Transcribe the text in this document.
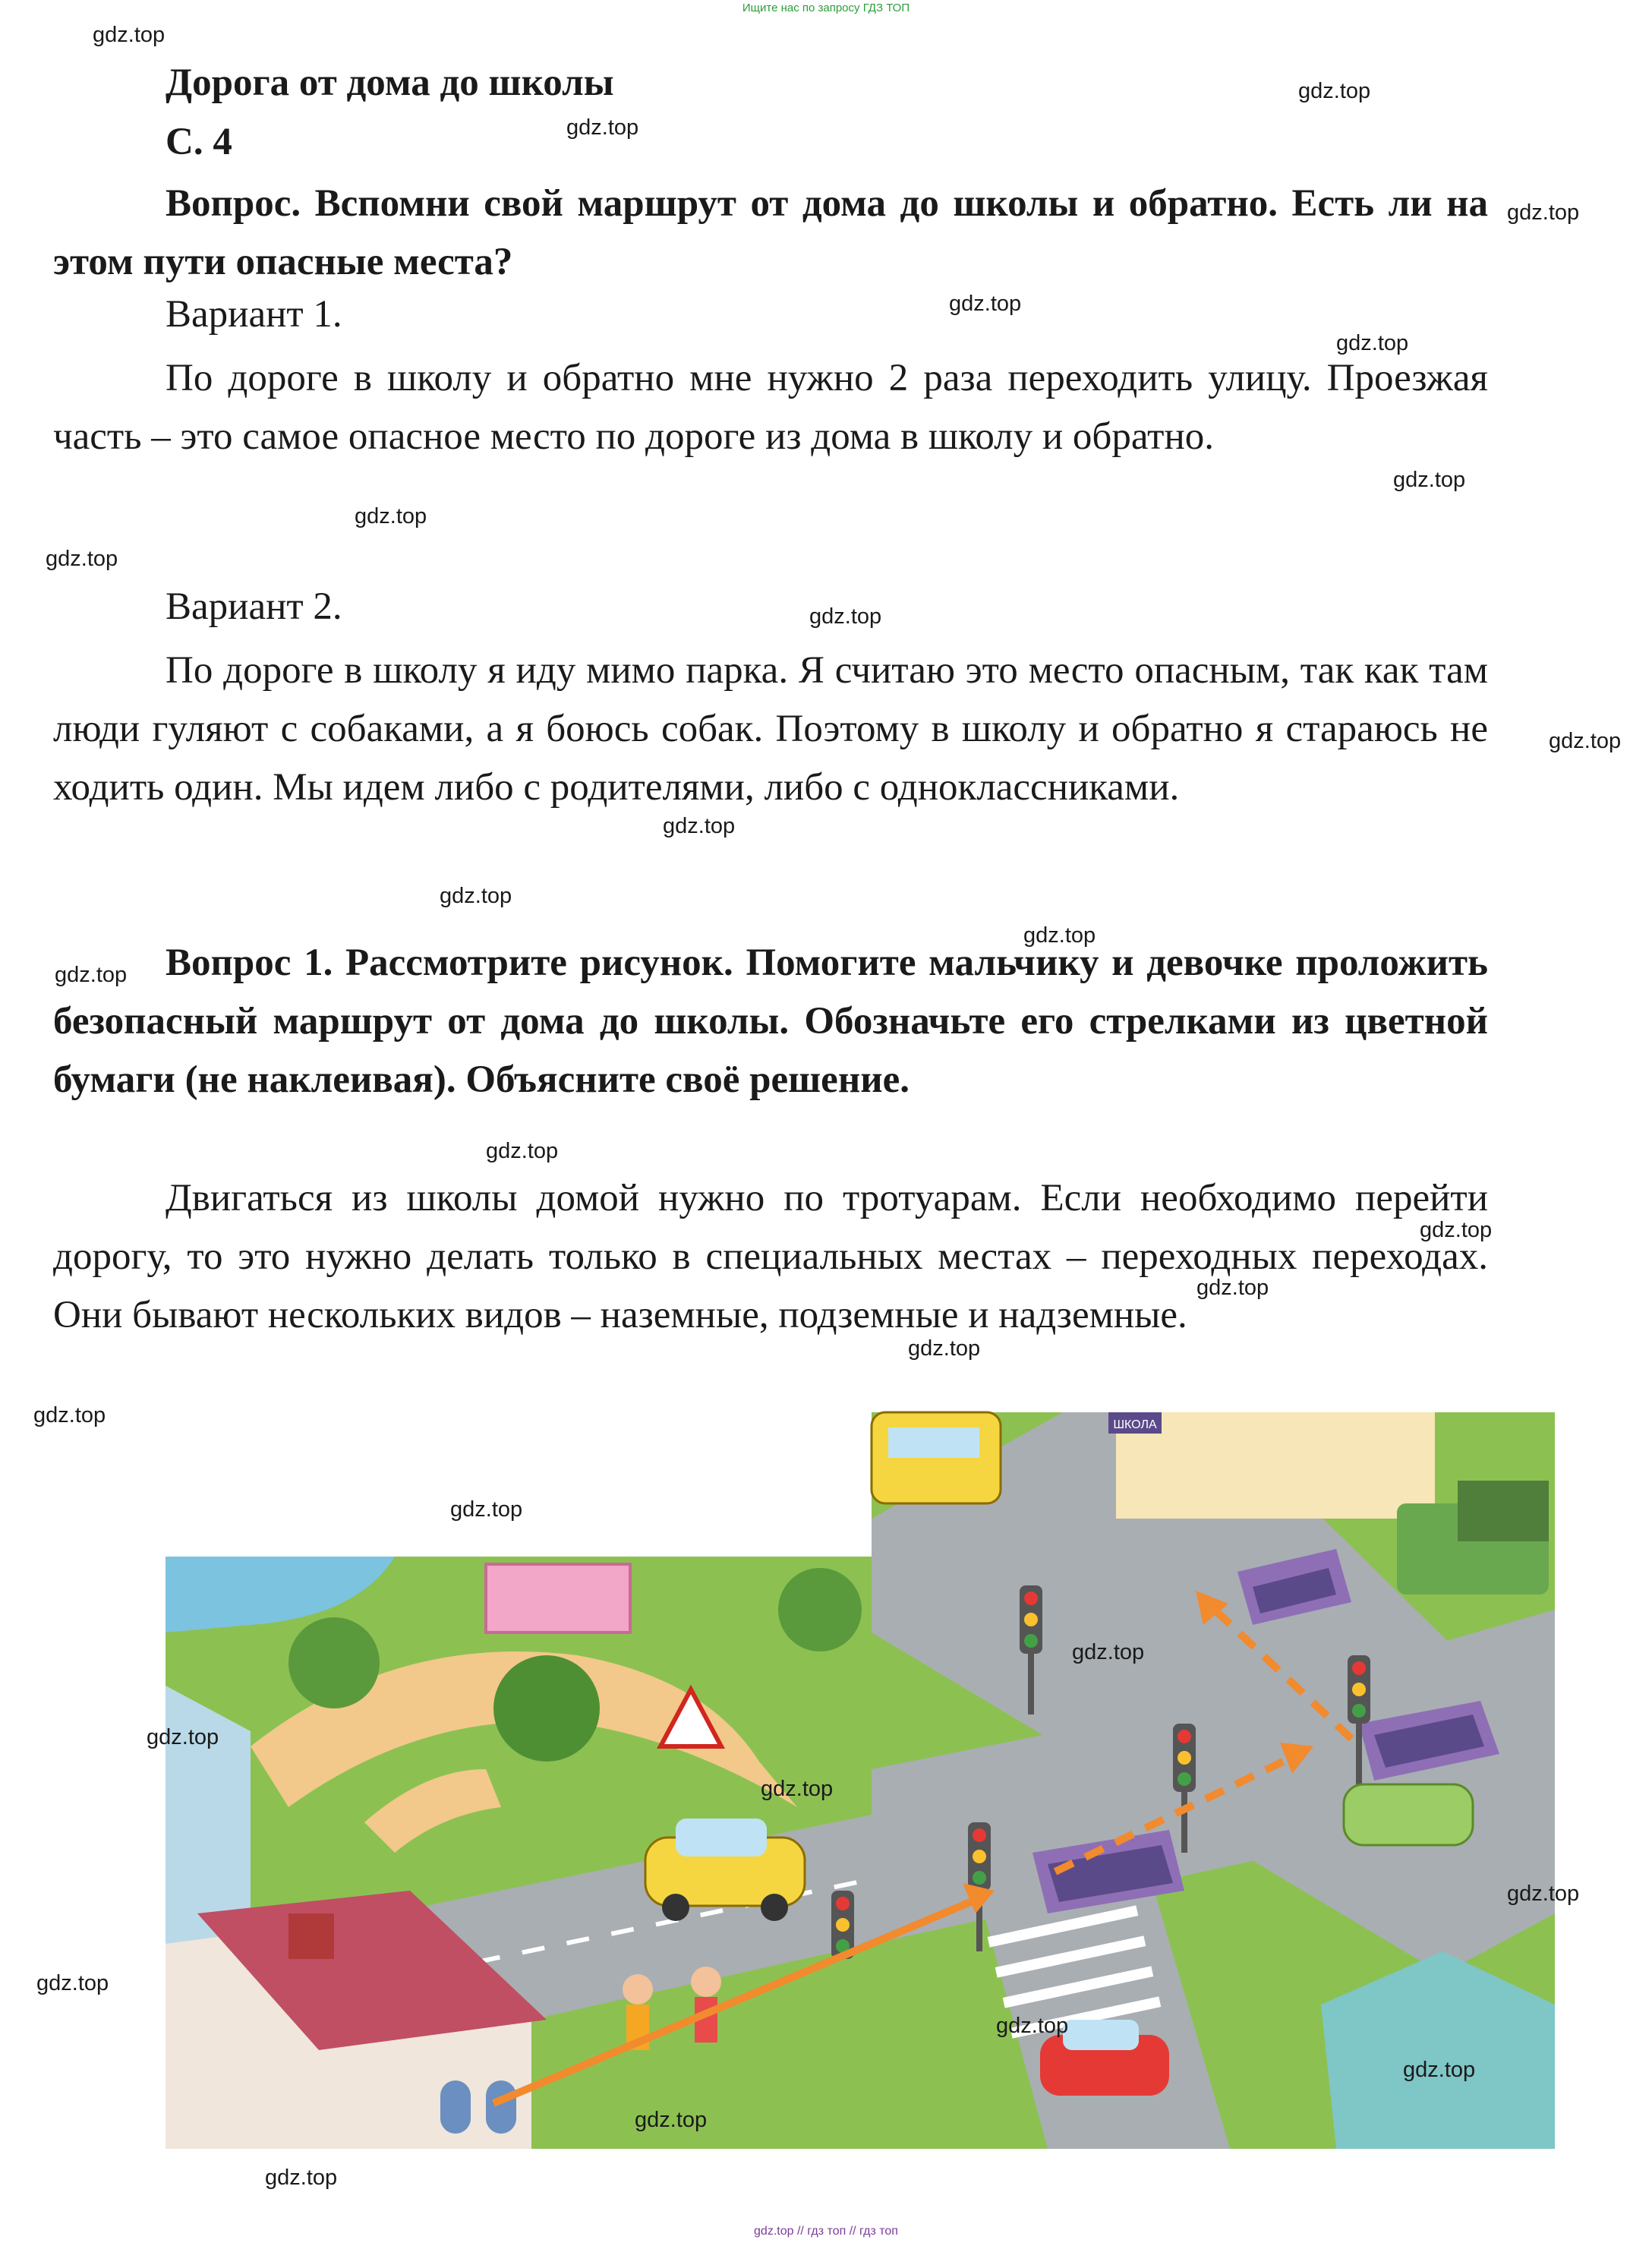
Ищите нас по запросу ГДЗ ТОП
Дорога от дома до школы
С. 4
Вопрос. Вспомни свой маршрут от дома до школы и обратно. Есть ли на этом пути опасные места?
Вариант 1.
По дороге в школу и обратно мне нужно 2 раза переходить улицу. Проезжая часть – это самое опасное место по дороге из дома в школу и обратно.
Вариант 2.
По дороге в школу я иду мимо парка. Я считаю это место опасным, так как там люди гуляют с собаками, а я боюсь собак. Поэтому в школу и обратно я стараюсь не ходить один. Мы идем либо с родителями, либо с одноклассниками.
Вопрос 1. Рассмотрите рисунок. Помогите мальчику и девочке проложить безопасный маршрут от дома до школы. Обозначьте его стрелками из цветной бумаги (не наклеивая). Объясните своё решение.
Двигаться из школы домой нужно по тротуарам. Если необходимо перейти дорогу, то это нужно делать только в специальных местах – переходных переходах. Они бывают нескольких видов – наземные, подземные и надземные.
ШКОЛА
gdz.top
gdz.top
gdz.top
gdz.top
gdz.top
gdz.top
gdz.top
gdz.top
gdz.top
gdz.top
gdz.top
gdz.top
gdz.top
gdz.top
gdz.top
gdz.top
gdz.top
gdz.top
gdz.top
gdz.top
gdz.top
gdz.top
gdz.top
gdz.top
gdz.top
gdz.top
gdz.top
gdz.top
gdz.top
gdz.top
gdz.top // гдз топ // гдз топ
